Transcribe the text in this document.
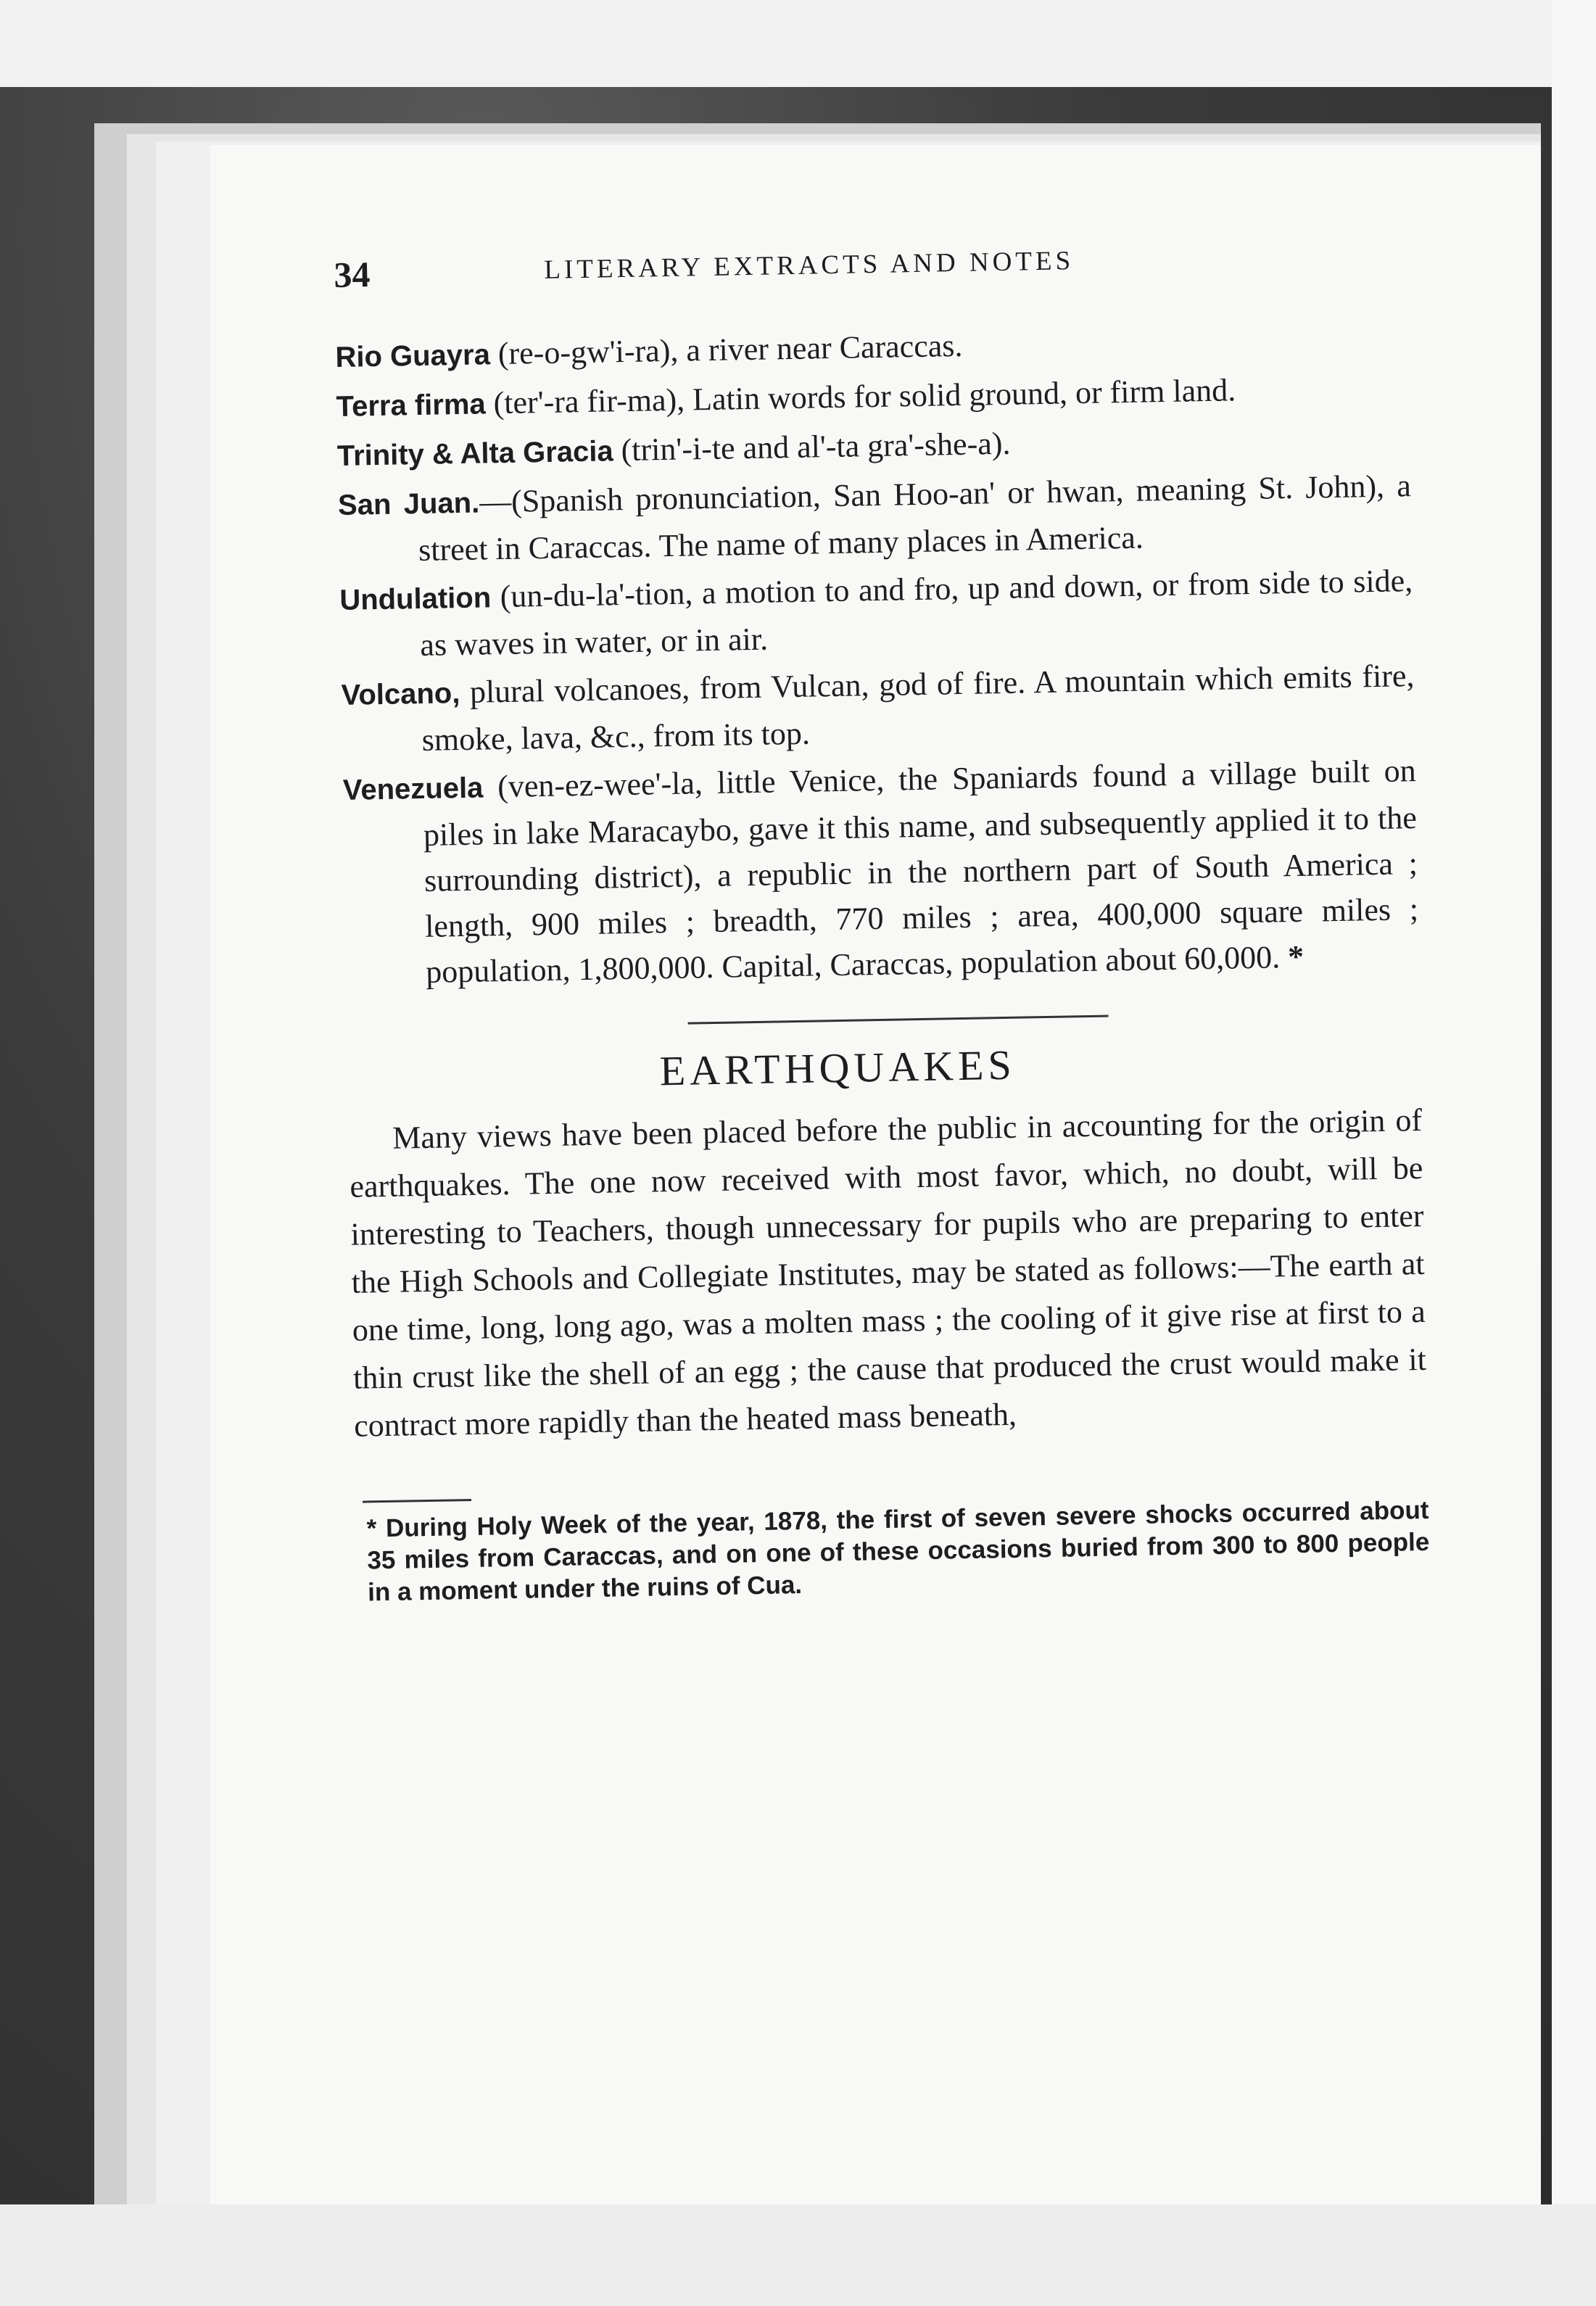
34	LITERARY EXTRACTS AND NOTES

Rio Guayra (re-o-gw'i-ra), a river near Caraccas.

Terra firma (ter'-ra fir-ma), Latin words for solid ground, or firm land.

Trinity & Alta Gracia (trin'-i-te and al'-ta gra'-she-a).

San Juan.—(Spanish pronunciation, San Hoo-an' or hwan, meaning St. John), a street in Caraccas. The name of many places in America.

Undulation (un-du-la'-tion, a motion to and fro, up and down, or from side to side, as waves in water, or in air.

Volcano, plural volcanoes, from Vulcan, god of fire. A mountain which emits fire, smoke, lava, &c., from its top.

Venezuela (ven-ez-wee'-la, little Venice, the Spaniards found a village built on piles in lake Maracaybo, gave it this name, and subsequently applied it to the surrounding district), a republic in the northern part of South America ; length, 900 miles ; breadth, 770 miles ; area, 400,000 square miles ; population, 1,800,000. Capital, Caraccas, population about 60,000. *

EARTHQUAKES

Many views have been placed before the public in accounting for the origin of earthquakes. The one now received with most favor, which, no doubt, will be interesting to Teachers, though unnecessary for pupils who are preparing to enter the High Schools and Collegiate Institutes, may be stated as follows:—The earth at one time, long, long ago, was a molten mass ; the cooling of it give rise at first to a thin crust like the shell of an egg ; the cause that produced the crust would make it contract more rapidly than the heated mass beneath,

* During Holy Week of the year, 1878, the first of seven severe shocks occurred about 35 miles from Caraccas, and on one of these occasions buried from 300 to 800 people in a moment under the ruins of Cua.
